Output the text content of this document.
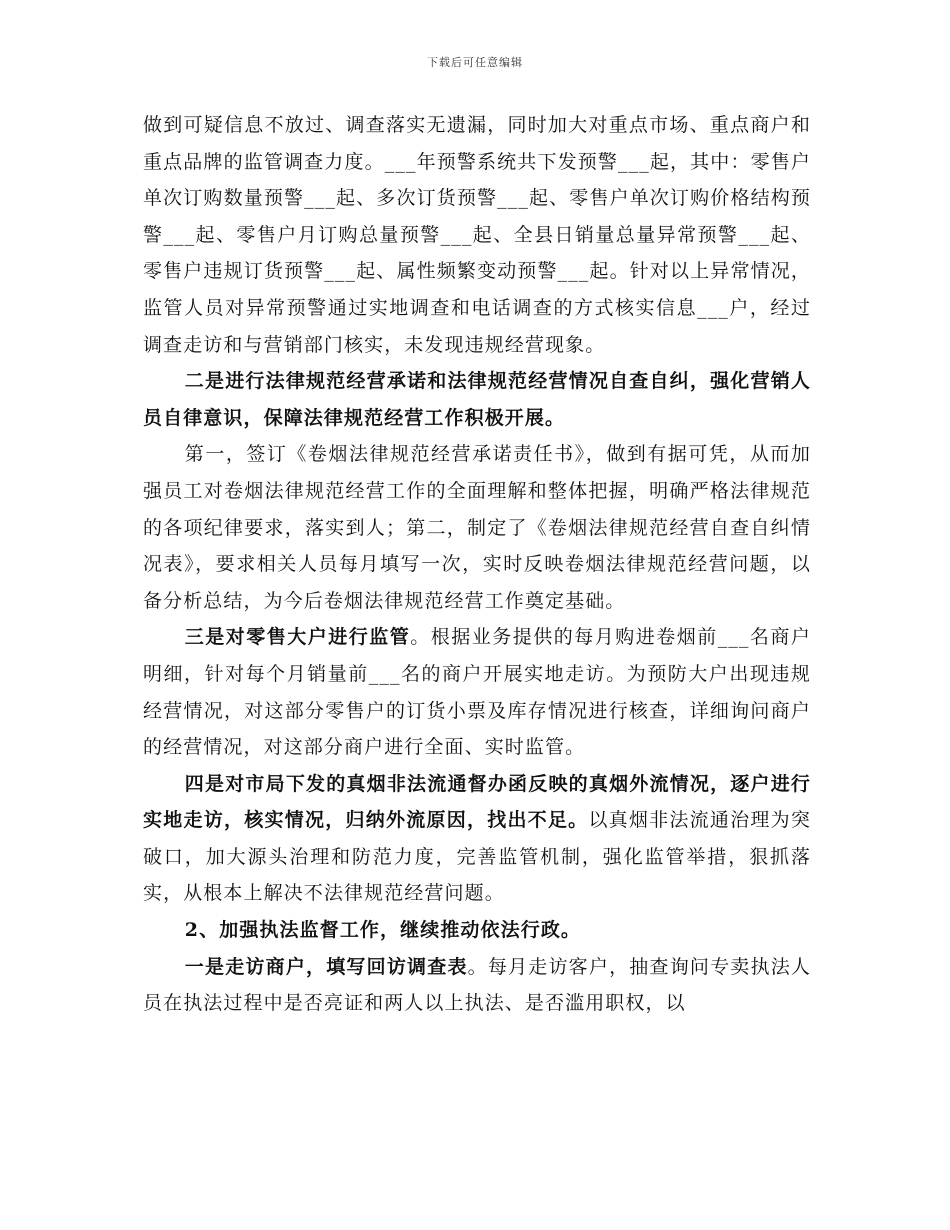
下载后可任意编辑

做到可疑信息不放过、调查落实无遗漏，同时加大对重点市场、重点商户和重点品牌的监管调查力度。___年预警系统共下发预警___起，其中：零售户单次订购数量预警___起、多次订货预警___起、零售户单次订购价格结构预警___起、零售户月订购总量预警___起、全县日销量总量异常预警___起、零售户违规订货预警___起、属性频繁变动预警___起。针对以上异常情况，监管人员对异常预警通过实地调查和电话调查的方式核实信息___户，经过调查走访和与营销部门核实，未发现违规经营现象。

二是进行法律规范经营承诺和法律规范经营情况自查自纠，强化营销人员自律意识，保障法律规范经营工作积极开展。

第一，签订《卷烟法律规范经营承诺责任书》，做到有据可凭，从而加强员工对卷烟法律规范经营工作的全面理解和整体把握，明确严格法律规范的各项纪律要求，落实到人；第二，制定了《卷烟法律规范经营自查自纠情况表》，要求相关人员每月填写一次，实时反映卷烟法律规范经营问题，以备分析总结，为今后卷烟法律规范经营工作奠定基础。

三是对零售大户进行监管。根据业务提供的每月购进卷烟前___名商户明细，针对每个月销量前___名的商户开展实地走访。为预防大户出现违规经营情况，对这部分零售户的订货小票及库存情况进行核查，详细询问商户的经营情况，对这部分商户进行全面、实时监管。

四是对市局下发的真烟非法流通督办函反映的真烟外流情况，逐户进行实地走访，核实情况，归纳外流原因，找出不足。以真烟非法流通治理为突破口，加大源头治理和防范力度，完善监管机制，强化监管举措，狠抓落实，从根本上解决不法律规范经营问题。

2、加强执法监督工作，继续推动依法行政。

一是走访商户，填写回访调查表。每月走访客户，抽查询问专卖执法人员在执法过程中是否亮证和两人以上执法、是否滥用职权，以
